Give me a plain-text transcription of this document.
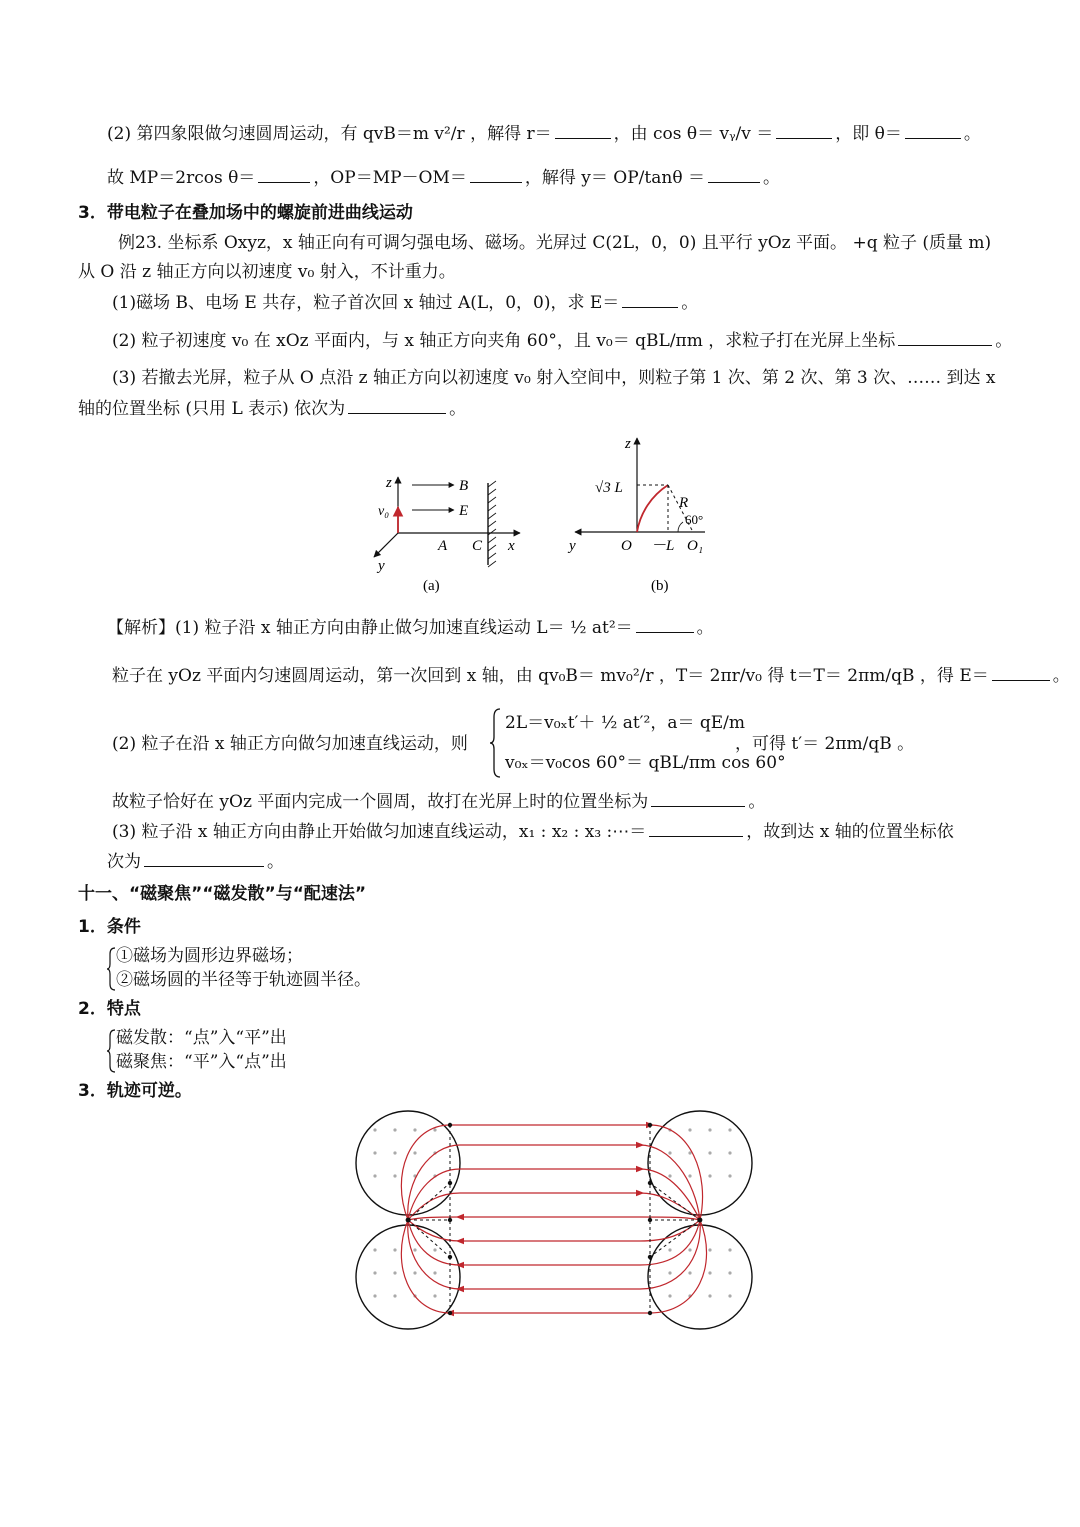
(2) 第四象限做匀速圆周运动，有 qvB＝m v²/r ，解得 r＝	，由 cos θ＝ vᵧ/v ＝	，即 θ＝	。
故 MP＝2rcos θ＝	，OP＝MP－OM＝	，解得 y＝ OP/tanθ ＝	。
3．带电粒子在叠加场中的螺旋前进曲线运动
例23. 坐标系 Oxyz，x 轴正向有可调匀强电场、磁场。光屏过 C(2L，0，0) 且平行 yOz 平面。 +q 粒子 (质量 m)
从 O 沿 z 轴正方向以初速度 v₀ 射入，不计重力。
(1)磁场 B、电场 E 共存，粒子首次回 x 轴过 A(L，0，0)，求 E＝	。
(2) 粒子初速度 v₀ 在 xOz 平面内，与 x 轴正方向夹角 60°，且 v₀＝ qBL/πm ，求粒子打在光屏上坐标	。
(3) 若撤去光屏，粒子从 O 点沿 z 轴正方向以初速度 v₀ 射入空间中，则粒子第 1 次、第 2 次、第 3 次、…… 到达 x
轴的位置坐标 (只用 L 表示) 依次为	。
z
v₀
B
E
A C x
y
(a)
z
√3 L
R
60°
y	O －L O₁
(b)
【解析】(1) 粒子沿 x 轴正方向由静止做匀加速直线运动 L＝ ½ at²＝	。
粒子在 yOz 平面内匀速圆周运动，第一次回到 x 轴，由 qv₀B＝ mv₀²/r ，T＝ 2πr/v₀ 得 t＝T＝ 2πm/qB ，得 E＝	。
(2) 粒子在沿 x 轴正方向做匀加速直线运动，则
2L＝v₀ₓt′＋ ½ at′²，a＝ qE/m
v₀ₓ＝v₀cos 60°＝ qBL/πm cos 60°
，可得 t′＝ 2πm/qB 。
故粒子恰好在 yOz 平面内完成一个圆周，故打在光屏上时的位置坐标为	。
(3) 粒子沿 x 轴正方向由静止开始做匀加速直线运动，x₁ : x₂ : x₃ :⋯＝	，故到达 x 轴的位置坐标依
次为	。
十一、“磁聚焦”“磁发散”与“配速法”
1．条件
①磁场为圆形边界磁场；
②磁场圆的半径等于轨迹圆半径。
2．特点
磁发散：“点”入“平”出
磁聚焦：“平”入“点”出
3．轨迹可逆。
